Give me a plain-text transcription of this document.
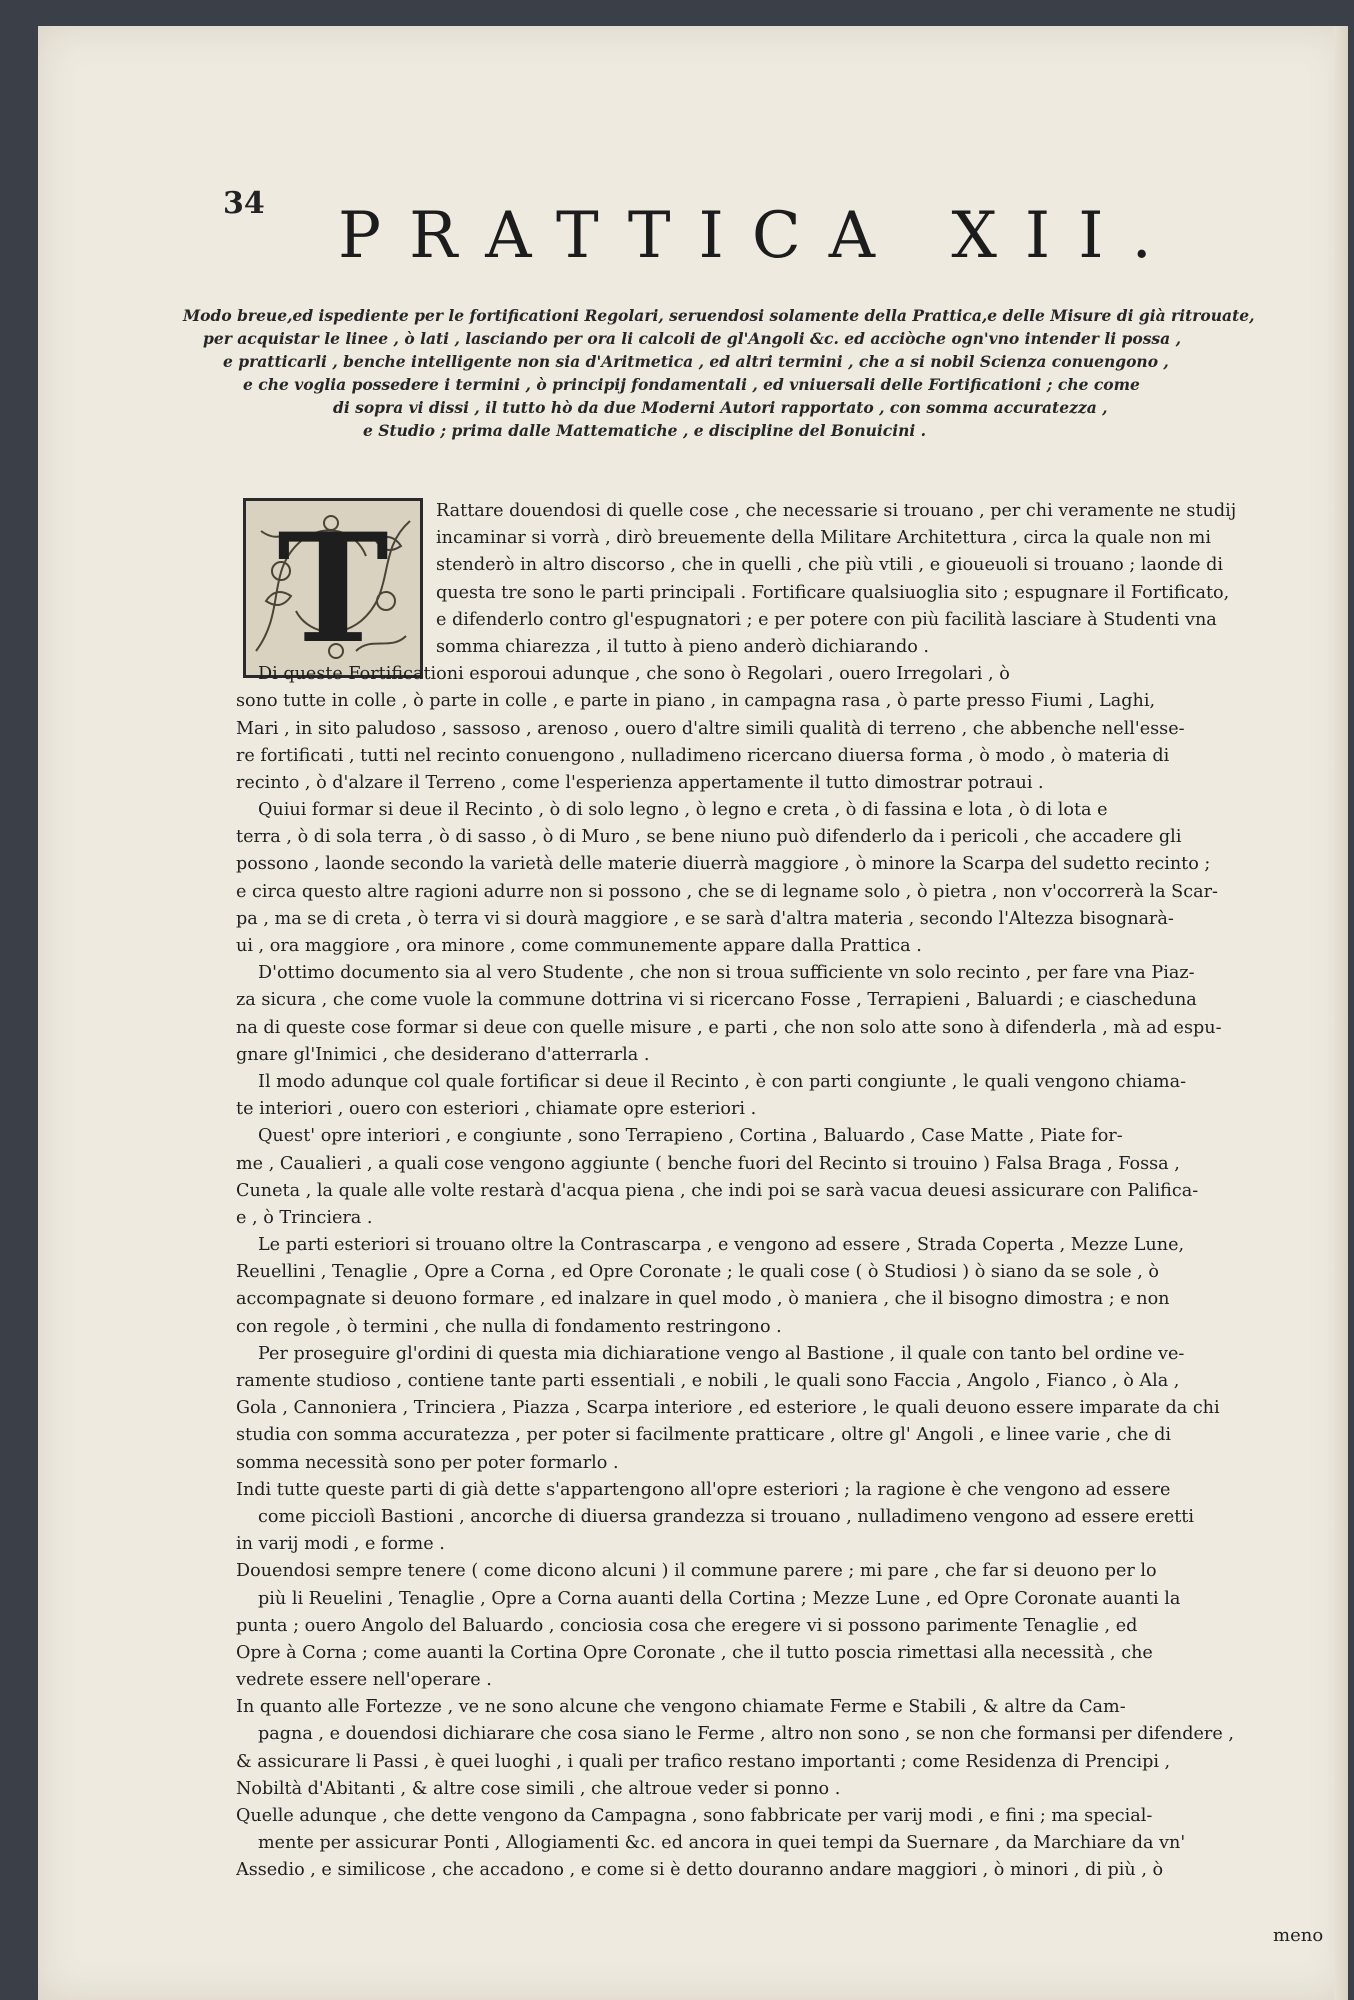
34 PRATTICA XII.
Modo breue,ed ispediente per le fortificationi Regolari, seruendosi solamente della Prattica,e delle Misure di già ritrouate,
per acquistar le linee , ò lati , lasciando per ora li calcoli de gl'Angoli &c. ed acciòche ogn'vno intender li possa ,
e pratticarli , benche intelligente non sia d'Aritmetica , ed altri termini , che a si nobil Scienza conuengono ,
e che voglia possedere i termini , ò principij fondamentali , ed vniuersali delle Fortificationi ; che come
di sopra vi dissi , il tutto hò da due Moderni Autori rapportato , con somma accuratezza ,
e Studio ; prima dalle Mattematiche , e discipline del Bonuicini .
T	Rattare douendosi di quelle cose , che necessarie si trouano , per chi veramente ne studij
incaminar si vorrà , dirò breuemente della Militare Architettura , circa la quale non mi
stenderò in altro discorso , che in quelli , che più vtili , e gioueuoli si trouano ; laonde di
questa tre sono le parti principali . Fortificare qualsiuoglia sito ; espugnare il Fortificato,
e difenderlo contro gl'espugnatori ; e per potere con più facilità lasciare à Studenti vna
somma chiarezza , il tutto à pieno anderò dichiarando .
Di queste Fortificationi esporoui adunque , che sono ò Regolari , ouero Irregolari , ò
sono tutte in colle , ò parte in colle , e parte in piano , in campagna rasa , ò parte presso Fiumi , Laghi,
Mari , in sito paludoso , sassoso , arenoso , ouero d'altre simili qualità di terreno , che abbenche nell'esse-
re fortificati , tutti nel recinto conuengono , nulladimeno ricercano diuersa forma , ò modo , ò materia di
recinto , ò d'alzare il Terreno , come l'esperienza appertamente il tutto dimostrar potraui .
Quiui formar si deue il Recinto , ò di solo legno , ò legno e creta , ò di fassina e lota , ò di lota e
terra , ò di sola terra , ò di sasso , ò di Muro , se bene niuno può difenderlo da i pericoli , che accadere gli
possono , laonde secondo la varietà delle materie diuerrà maggiore , ò minore la Scarpa del sudetto recinto ;
e circa questo altre ragioni adurre non si possono , che se di legname solo , ò pietra , non v'occorrerà la Scar-
pa , ma se di creta , ò terra vi si dourà maggiore , e se sarà d'altra materia , secondo l'Altezza bisognarà-
ui , ora maggiore , ora minore , come communemente appare dalla Prattica .
D'ottimo documento sia al vero Studente , che non si troua sufficiente vn solo recinto , per fare vna Piaz-
za sicura , che come vuole la commune dottrina vi si ricercano Fosse , Terrapieni , Baluardi ; e ciascheduna
na di queste cose formar si deue con quelle misure , e parti , che non solo atte sono à difenderla , mà ad espu-
gnare gl'Inimici , che desiderano d'atterrarla .
Il modo adunque col quale fortificar si deue il Recinto , è con parti congiunte , le quali vengono chiama-
te interiori , ouero con esteriori , chiamate opre esteriori .
Quest' opre interiori , e congiunte , sono Terrapieno , Cortina , Baluardo , Case Matte , Piate for-
me , Caualieri , a quali cose vengono aggiunte ( benche fuori del Recinto si trouino ) Falsa Braga , Fossa ,
Cuneta , la quale alle volte restarà d'acqua piena , che indi poi se sarà vacua deuesi assicurare con Palifica-
e , ò Trinciera .
Le parti esteriori si trouano oltre la Contrascarpa , e vengono ad essere , Strada Coperta , Mezze Lune,
Reuellini , Tenaglie , Opre a Corna , ed Opre Coronate ; le quali cose ( ò Studiosi ) ò siano da se sole , ò
accompagnate si deuono formare , ed inalzare in quel modo , ò maniera , che il bisogno dimostra ; e non
con regole , ò termini , che nulla di fondamento restringono .
Per proseguire gl'ordini di questa mia dichiaratione vengo al Bastione , il quale con tanto bel ordine ve-
ramente studioso , contiene tante parti essentiali , e nobili , le quali sono Faccia , Angolo , Fianco , ò Ala ,
Gola , Cannoniera , Trinciera , Piazza , Scarpa interiore , ed esteriore , le quali deuono essere imparate da chi
studia con somma accuratezza , per poter si facilmente pratticare , oltre gl' Angoli , e linee varie , che di
somma necessità sono per poter formarlo .
Indi tutte queste parti di già dette s'appartengono all'opre esteriori ; la ragione è che vengono ad essere
come picciolì Bastioni , ancorche di diuersa grandezza si trouano , nulladimeno vengono ad essere eretti
in varij modi , e forme .
Douendosi sempre tenere ( come dicono alcuni ) il commune parere ; mi pare , che far si deuono per lo
più li Reuelini , Tenaglie , Opre a Corna auanti della Cortina ; Mezze Lune , ed Opre Coronate auanti la
punta ; ouero Angolo del Baluardo , conciosia cosa che eregere vi si possono parimente Tenaglie , ed
Opre à Corna ; come auanti la Cortina Opre Coronate , che il tutto poscia rimettasi alla necessità , che
vedrete essere nell'operare .
In quanto alle Fortezze , ve ne sono alcune che vengono chiamate Ferme e Stabili , & altre da Cam-
pagna , e douendosi dichiarare che cosa siano le Ferme , altro non sono , se non che formansi per difendere ,
& assicurare li Passi , è quei luoghi , i quali per trafico restano importanti ; come Residenza di Prencipi ,
Nobiltà d'Abitanti , & altre cose simili , che altroue veder si ponno .
Quelle adunque , che dette vengono da Campagna , sono fabbricate per varij modi , e fini ; ma special-
mente per assicurar Ponti , Allogiamenti &c. ed ancora in quei tempi da Suernare , da Marchiare da vn'
Assedio , e similicose , che accadono , e come si è detto douranno andare maggiori , ò minori , di più , ò
meno
